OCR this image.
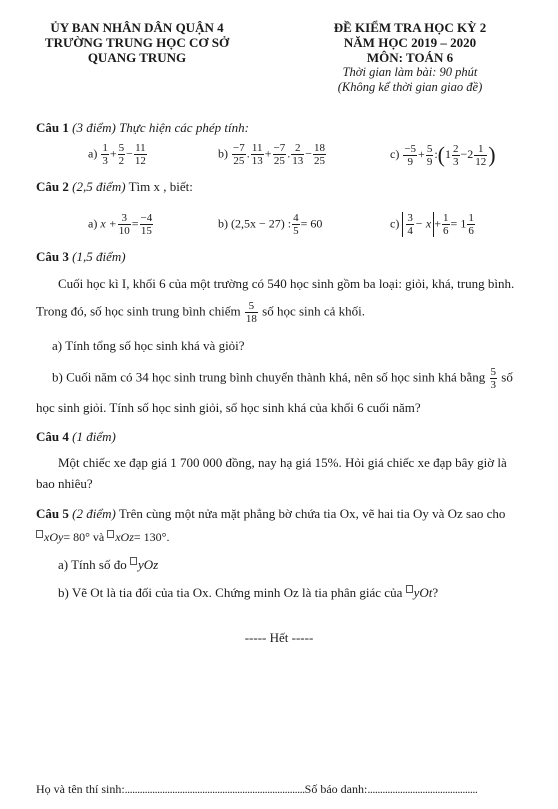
ỦY BAN NHÂN DÂN QUẬN 4
TRƯỜNG TRUNG HỌC CƠ SỞ
QUANG TRUNG
ĐỀ KIỂM TRA HỌC KỲ 2
NĂM HỌC 2019 – 2020
MÔN: TOÁN 6
Thời gian làm bài: 90 phút
(Không kể thời gian giao đề)
Câu 1 (3 điểm) Thực hiện các phép tính:
$a) \frac{1}{3} + \frac{5}{2} - \frac{11}{12}$	$b) \frac{-7}{25}$ . $\frac{11}{13} + \frac{-7}{25}$ . $\frac{2}{13} - \frac{18}{25}$	$c) \frac{-5}{9} + \frac{5}{9}$ :(1 $\frac{2}{3} -2 \frac{1}{12}$ )
Câu 2 (2,5 điểm) Tìm x , biết:
a) $x + \frac{3}{10} = \frac{-4}{15}$	b) (2,5x − 27) : $\frac{4}{5} = 60$	$c) \frac{3}{4} - x + \frac{1}{6} = 1 \frac{1}{6}$
Câu 3 (1,5 điểm)
Cuối học kì I, khối 6 của một trường có 540 học sinh gồm ba loại: giỏi, khá, trung bình.
Trong đó, số học sinh trung bình chiếm $\frac{5}{18}$ số học sinh cả khối.
a) Tính tổng số học sinh khá và giỏi?
b) Cuối năm có 34 học sinh trung bình chuyển thành khá, nên số học sinh khá bằng $\frac{5}{3}$ số
học sinh giỏi. Tính số học sinh giỏi, số học sinh khá của khối 6 cuối năm?
Câu 4 (1 điểm)
Một chiếc xe đạp giá 1 700 000 đồng, nay hạ giá 15%. Hỏi giá chiếc xe đạp bây giờ là
bao nhiêu?
Câu 5 (2 điểm) Trên cùng một nửa mặt phẳng bờ chứa tia Ox, vẽ hai tia Oy và Oz sao cho
xOy= 80° và xOz= 130°.
a) Tính số đo yOz
b) Vẽ Ot là tia đối của tia Ox. Chứng minh Oz là tia phân giác của yOt?
----- Hết -----
Họ và tên thí sinh:........................................................................Số báo danh:............................................
